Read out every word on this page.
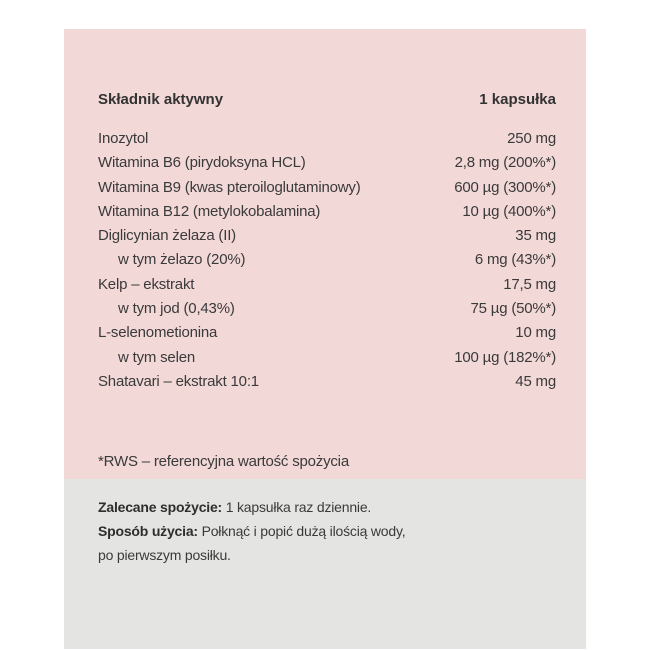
Składnik aktywny	1 kapsułka
Inozytol	250 mg
Witamina B6 (pirydoksyna HCL)	2,8 mg (200%*)
Witamina B9 (kwas pteroiloglutaminowy)	600 µg (300%*)
Witamina B12 (metylokobalamina)	10 µg (400%*)
Diglicynian żelaza (II)	35 mg
w tym żelazo (20%)	6 mg (43%*)
Kelp – ekstrakt	17,5 mg
w tym jod (0,43%)	75 µg (50%*)
L-selenometionina	10 mg
w tym selen	100 µg (182%*)
Shatavari – ekstrakt 10:1	45 mg
*RWS – referencyjna wartość spożycia
Zalecane spożycie: 1 kapsułka raz dziennie.
Sposób użycia: Połknąć i popić dużą ilością wody,
po pierwszym posiłku.
